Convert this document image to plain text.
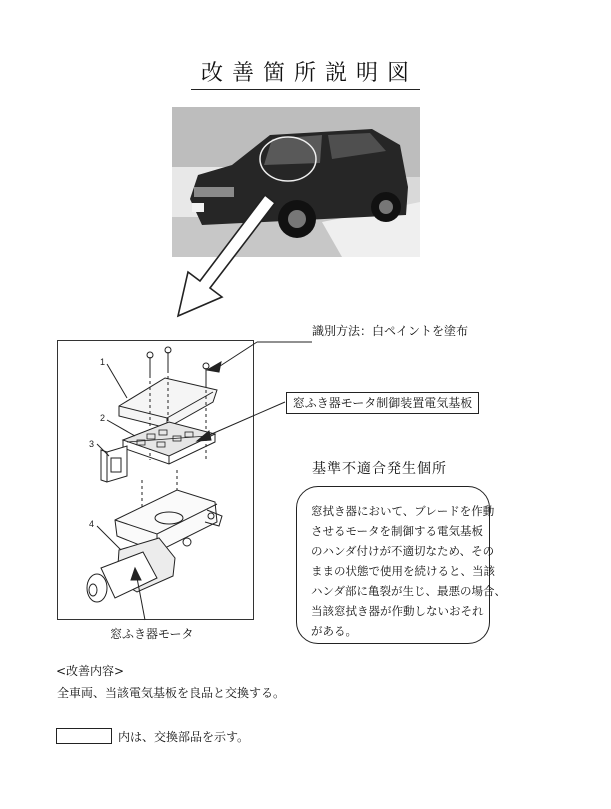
改善箇所説明図
1
2
3
4
識別方法：白ペイントを塗布
窓ふき器モータ制御装置電気基板
基準不適合発生個所
窓拭き器において、ブレードを作動
させるモータを制御する電気基板
のハンダ付けが不適切なため、その
ままの状態で使用を続けると、当該
ハンダ部に亀裂が生じ、最悪の場合、
当該窓拭き器が作動しないおそれ
がある。
窓ふき器モータ
<改善内容>
全車両、当該電気基板を良品と交換する。
内は、交換部品を示す。
